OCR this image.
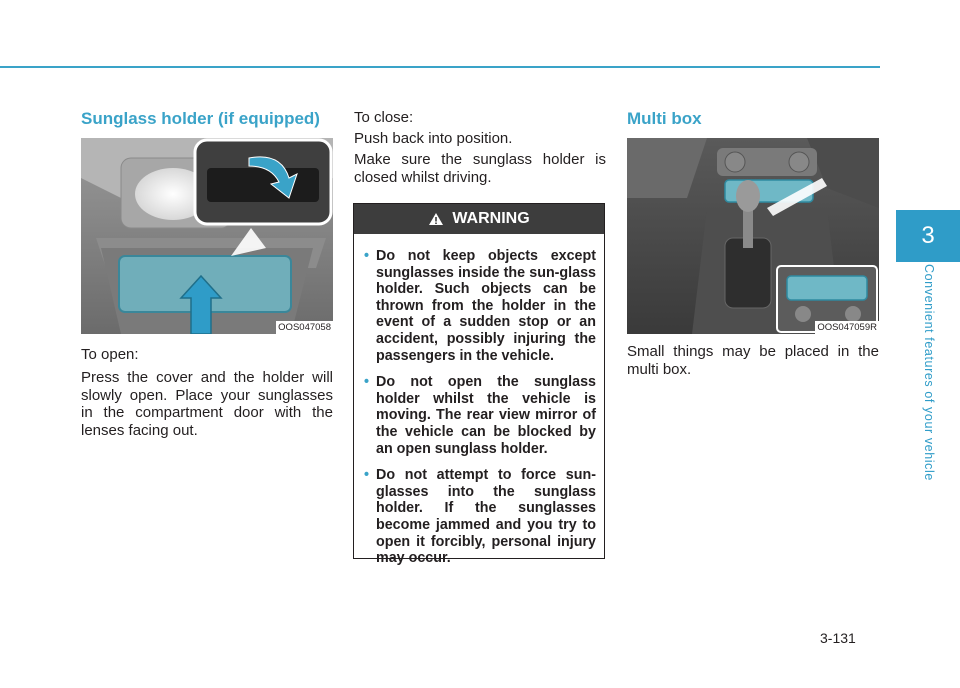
3
Convenient features of your vehicle
Sunglass holder (if equipped)
OOS047058

To open:

Press the cover and the holder will slowly open. Place your sunglasses in the compartment door with the lenses facing out.

To close:

Push back into position.

Make sure the sunglass holder is closed whilst driving.

WARNING
• Do not keep objects except sunglasses inside the sun-glass holder. Such objects can be thrown from the holder in the event of a sudden stop or an accident, possibly injuring the passengers in the vehicle.
• Do not open the sunglass holder whilst the vehicle is moving. The rear view mirror of the vehicle can be blocked by an open sunglass holder.
• Do not attempt to force sun-glasses into the sunglass holder. If the sunglasses become jammed and you try to open it forcibly, personal injury may occur.
Multi box
OOS047059R

Small things may be placed in the multi box.

3-131
